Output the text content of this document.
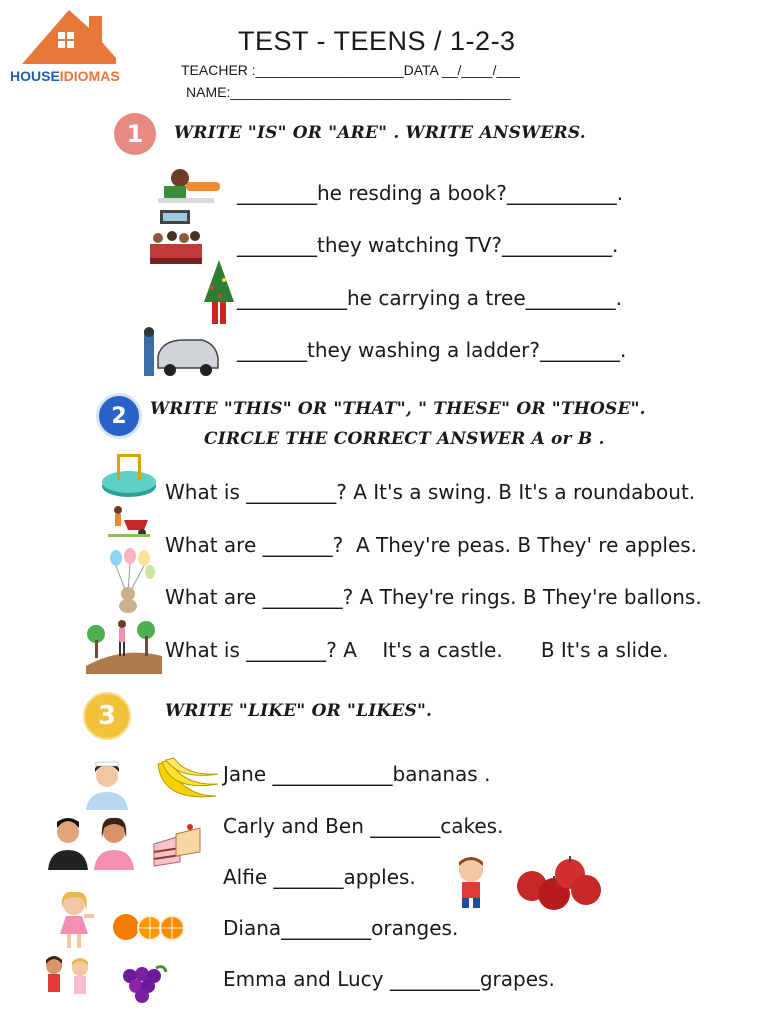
HOUSEIDIOMAS
TEST - TEENS / 1-2-3
TEACHER :___________________DATA __/____/___
NAME:____________________________________
1 WRITE "IS" OR "ARE" . WRITE ANSWERS.
________he resding a book?___________.
________they watching TV?___________.
___________he carrying a tree_________.
_______they washing a ladder?________.
2 WRITE "THIS" OR "THAT", " THESE" OR "THOSE".
CIRCLE THE CORRECT ANSWER A or B .
What is _________? A It's a swing. B It's a roundabout.
What are _______?  A They're peas. B They' re apples.
What are ________? A They're rings. B They're ballons.
What is ________? A    It's a castle.      B It's a slide.
3	WRITE "LIKE" OR "LIKES".
Jane ____________bananas .
Carly and Ben _______cakes.
Alfie _______apples.
Diana_________oranges.
Emma and Lucy _________grapes.
